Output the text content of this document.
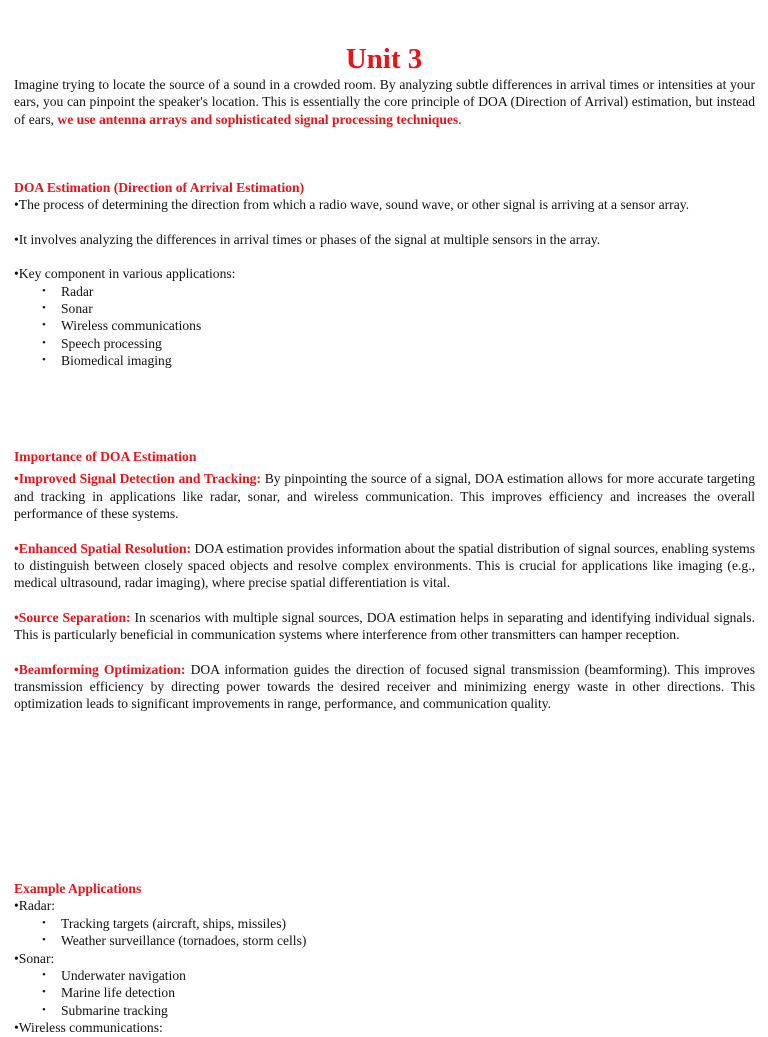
Unit 3

Imagine trying to locate the source of a sound in a crowded room. By analyzing subtle differences in arrival times or intensities at your ears, you can pinpoint the speaker's location. This is essentially the core principle of DOA (Direction of Arrival) estimation, but instead of ears, we use antenna arrays and sophisticated signal processing techniques.

DOA Estimation (Direction of Arrival Estimation)

•The process of determining the direction from which a radio wave, sound wave, or other signal is arriving at a sensor array.

•It involves analyzing the differences in arrival times or phases of the signal at multiple sensors in the array.

•Key component in various applications:

• Radar
• Sonar
• Wireless communications
• Speech processing
• Biomedical imaging

Importance of DOA Estimation

•Improved Signal Detection and Tracking: By pinpointing the source of a signal, DOA estimation allows for more accurate targeting and tracking in applications like radar, sonar, and wireless communication. This improves efficiency and increases the overall performance of these systems.

•Enhanced Spatial Resolution: DOA estimation provides information about the spatial distribution of signal sources, enabling systems to distinguish between closely spaced objects and resolve complex environments. This is crucial for applications like imaging (e.g., medical ultrasound, radar imaging), where precise spatial differentiation is vital.

•Source Separation: In scenarios with multiple signal sources, DOA estimation helps in separating and identifying individual signals. This is particularly beneficial in communication systems where interference from other transmitters can hamper reception.

•Beamforming Optimization: DOA information guides the direction of focused signal transmission (beamforming). This improves transmission efficiency by directing power towards the desired receiver and minimizing energy waste in other directions. This optimization leads to significant improvements in range, performance, and communication quality.

Example Applications

•Radar:

• Tracking targets (aircraft, ships, missiles)
• Weather surveillance (tornadoes, storm cells)

•Sonar:

• Underwater navigation
• Marine life detection
• Submarine tracking

•Wireless communications:
